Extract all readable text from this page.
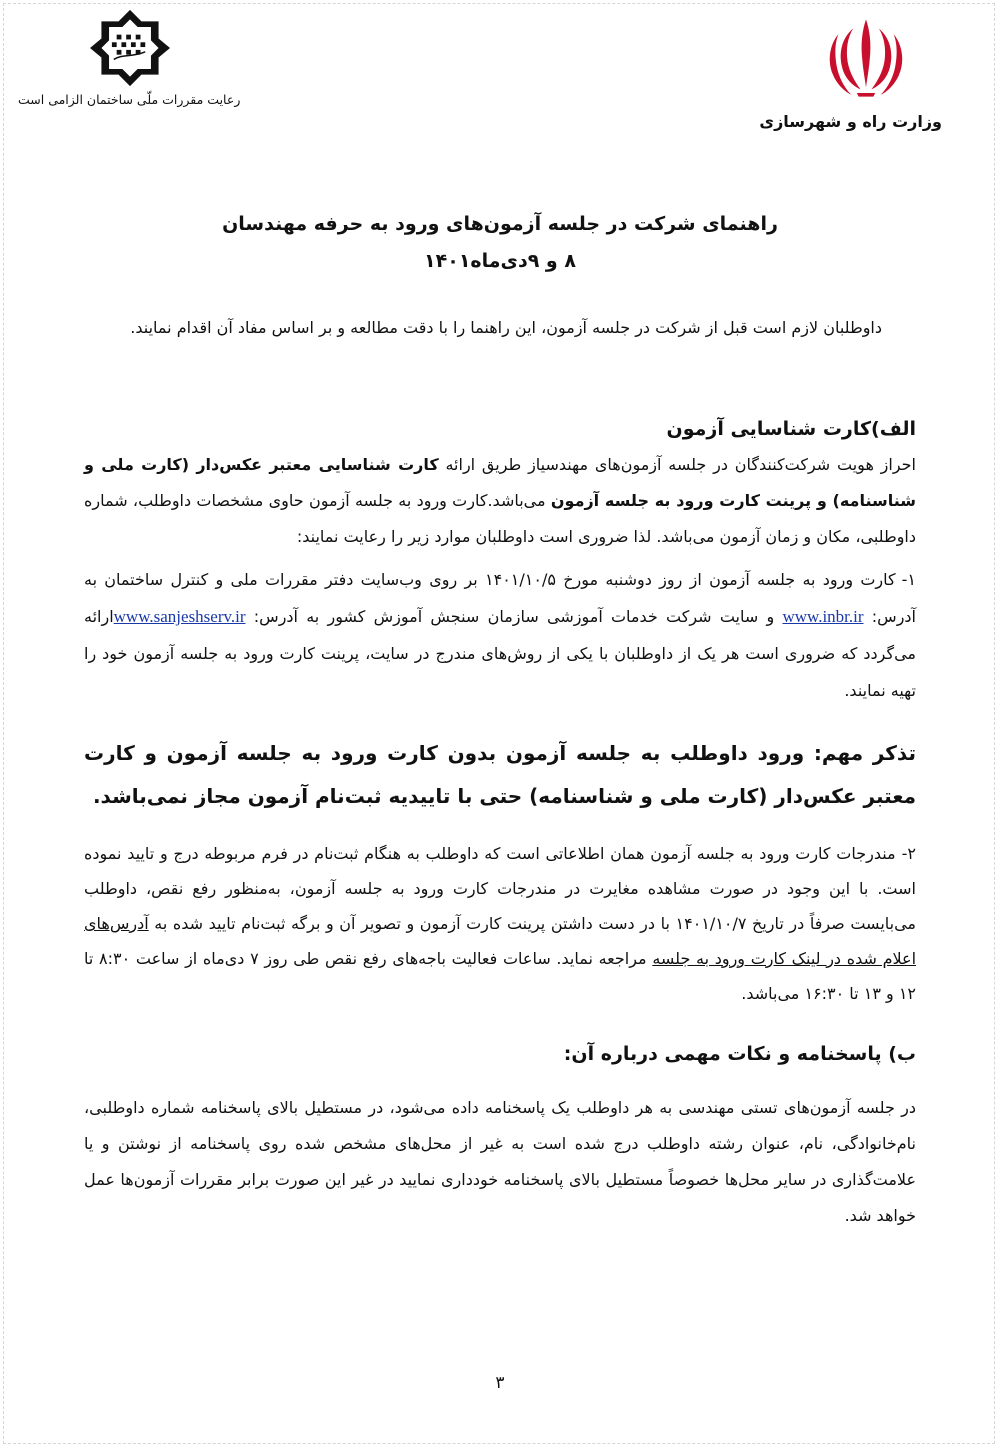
وزارت راه و شهرسازی
رعایت مقررات ملّی ساختمان الزامی است
راهنمای شرکت در جلسه آزمون‌های ورود به حرفه مهندسان
۸ و ۹دی‌ماه۱۴۰۱
داوطلبان لازم است قبل از شرکت در جلسه آزمون، این راهنما را با دقت مطالعه و بر اساس مفاد آن اقدام نمایند.
الف)کارت شناسایی آزمون
احراز هویت شرکت‌کنندگان در جلسه آزمون‌های مهندسیاز طریق ارائه کارت شناسایی معتبر عکس‌دار (کارت ملی و شناسنامه) و پرینت کارت ورود به جلسه آزمون می‌باشد.کارت ورود به جلسه آزمون حاوی مشخصات داوطلب، شماره داوطلبی، مکان و زمان آزمون می‌باشد. لذا ضروری است داوطلبان موارد زیر را رعایت نمایند:
۱-کارت ورود به جلسه آزمون از روز دوشنبه مورخ ۱۴۰۱/۱۰/۵ بر روی وب‌سایت دفتر مقررات ملی و کنترل ساختمان به آدرس: www.inbr.ir و سایت شرکت خدمات آموزشی سازمان سنجش آموزش کشور به آدرس: www.sanjeshserv.irارائه می‌گردد که ضروری است هر یک از داوطلبان با یکی از روش‌های مندرج در سایت، پرینت کارت ورود به جلسه آزمون خود را تهیه نمایند.
تذکر مهم: ورود داوطلب به جلسه آزمون بدون کارت ورود به جلسه آزمون و کارت معتبر عکس‌دار (کارت ملی و شناسنامه) حتی با تاییدیه ثبت‌نام آزمون مجاز نمی‌باشد.
۲-مندرجات کارت ورود به جلسه آزمون همان اطلاعاتی است که داوطلب به هنگام ثبت‌نام در فرم مربوطه درج و تایید نموده است. با این وجود در صورت مشاهده مغایرت در مندرجات کارت ورود به جلسه آزمون، به‌منظور رفع نقص، داوطلب می‌بایست صرفاً در تاریخ ۱۴۰۱/۱۰/۷ با در دست داشتن پرینت کارت آزمون و تصویر آن و برگه ثبت‌نام تایید شده به آدرس‌های اعلام شده در لینک کارت ورود به جلسه مراجعه نماید. ساعات فعالیت باجه‌های رفع نقص طی روز ۷ دی‌ماه از ساعت ۸:۳۰ تا ۱۲ و ۱۳ تا ۱۶:۳۰ می‌باشد.
ب) پاسخنامه و نکات مهمی درباره آن:
در جلسه آزمون‌های تستی مهندسی به هر داوطلب یک پاسخنامه داده می‌شود، در مستطیل بالای پاسخنامه شماره داوطلبی، نام‌خانوادگی، نام، عنوان رشته داوطلب درج شده است به غیر از محل‌های مشخص شده روی پاسخنامه از نوشتن و یا علامت‌گذاری در سایر محل‌ها خصوصاً مستطیل بالای پاسخنامه خودداری نمایید در غیر این صورت برابر مقررات آزمون‌ها عمل خواهد شد.
۳
